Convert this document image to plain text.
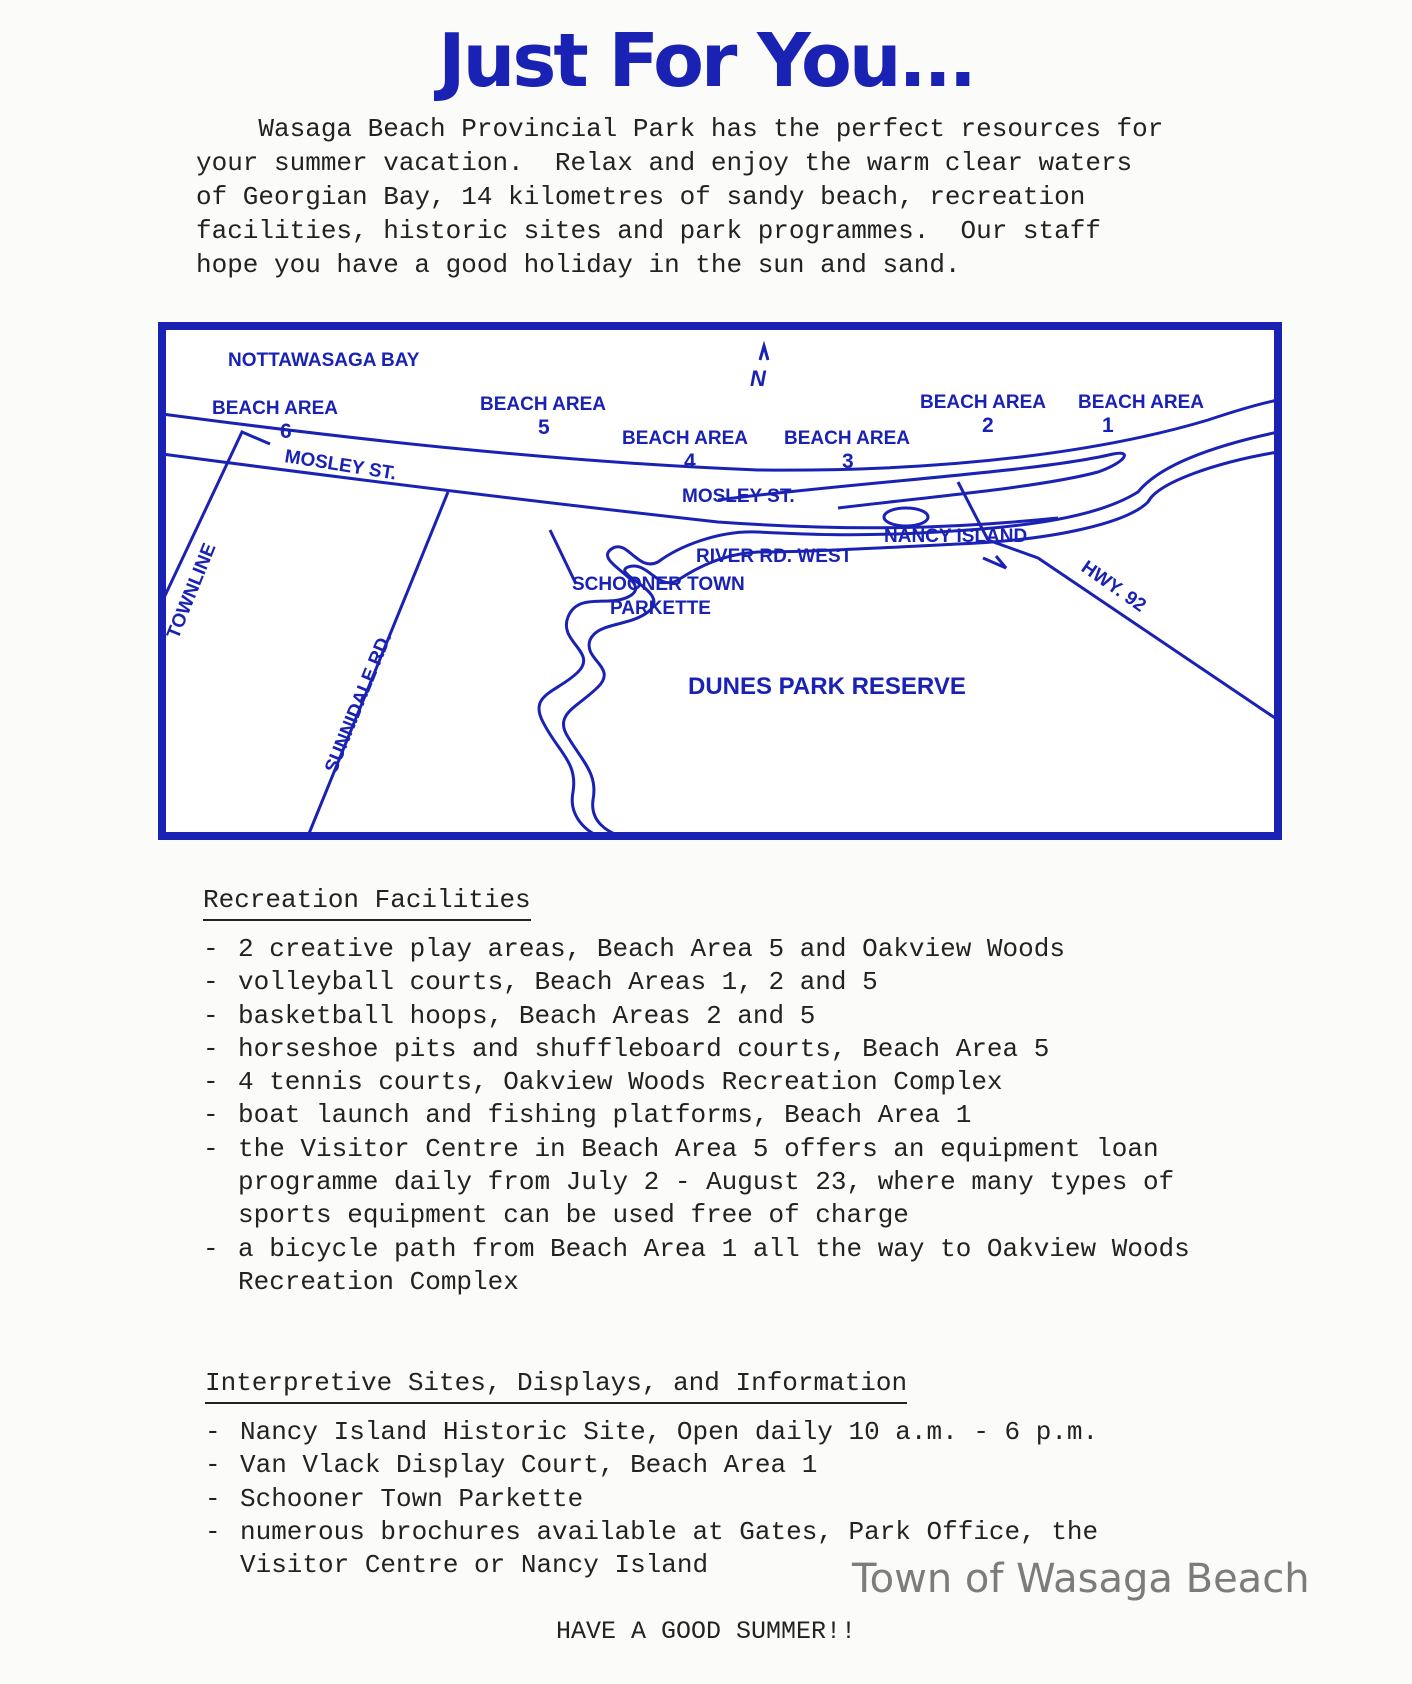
Just For You...
Wasaga Beach Provincial Park has the perfect resources for
your summer vacation.  Relax and enjoy the warm clear waters
of Georgian Bay, 14 kilometres of sandy beach, recreation
facilities, historic sites and park programmes.  Our staff
hope you have a good holiday in the sun and sand.
NOTTAWASAGA BAY
N
BEACH AREA
6
BEACH AREA
5	BEACH AREA
4
BEACH AREA
3
BEACH AREA
2
BEACH AREA
1
MOSLEY ST.
MOSLEY ST.
RIVER RD. WEST
TOWNLINE
SUNNIDALE RD.
HWY. 92
NANCY ISLAND
SCHOONER TOWN
PARKETTE
DUNES PARK RESERVE
Recreation Facilities
- 2 creative play areas, Beach Area 5 and Oakview Woods
- volleyball courts, Beach Areas 1, 2 and 5
- basketball hoops, Beach Areas 2 and 5
- horseshoe pits and shuffleboard courts, Beach Area 5
- 4 tennis courts, Oakview Woods Recreation Complex
- boat launch and fishing platforms, Beach Area 1
- the Visitor Centre in Beach Area 5 offers an equipment loan
programme daily from July 2 - August 23, where many types of
sports equipment can be used free of charge
- a bicycle path from Beach Area 1 all the way to Oakview Woods
Recreation Complex
Interpretive Sites, Displays, and Information
- Nancy Island Historic Site, Open daily 10 a.m. - 6 p.m.
- Van Vlack Display Court, Beach Area 1
- Schooner Town Parkette
- numerous brochures available at Gates, Park Office, the
Visitor Centre or Nancy Island	Town of Wasaga Beach
HAVE A GOOD SUMMER!!
